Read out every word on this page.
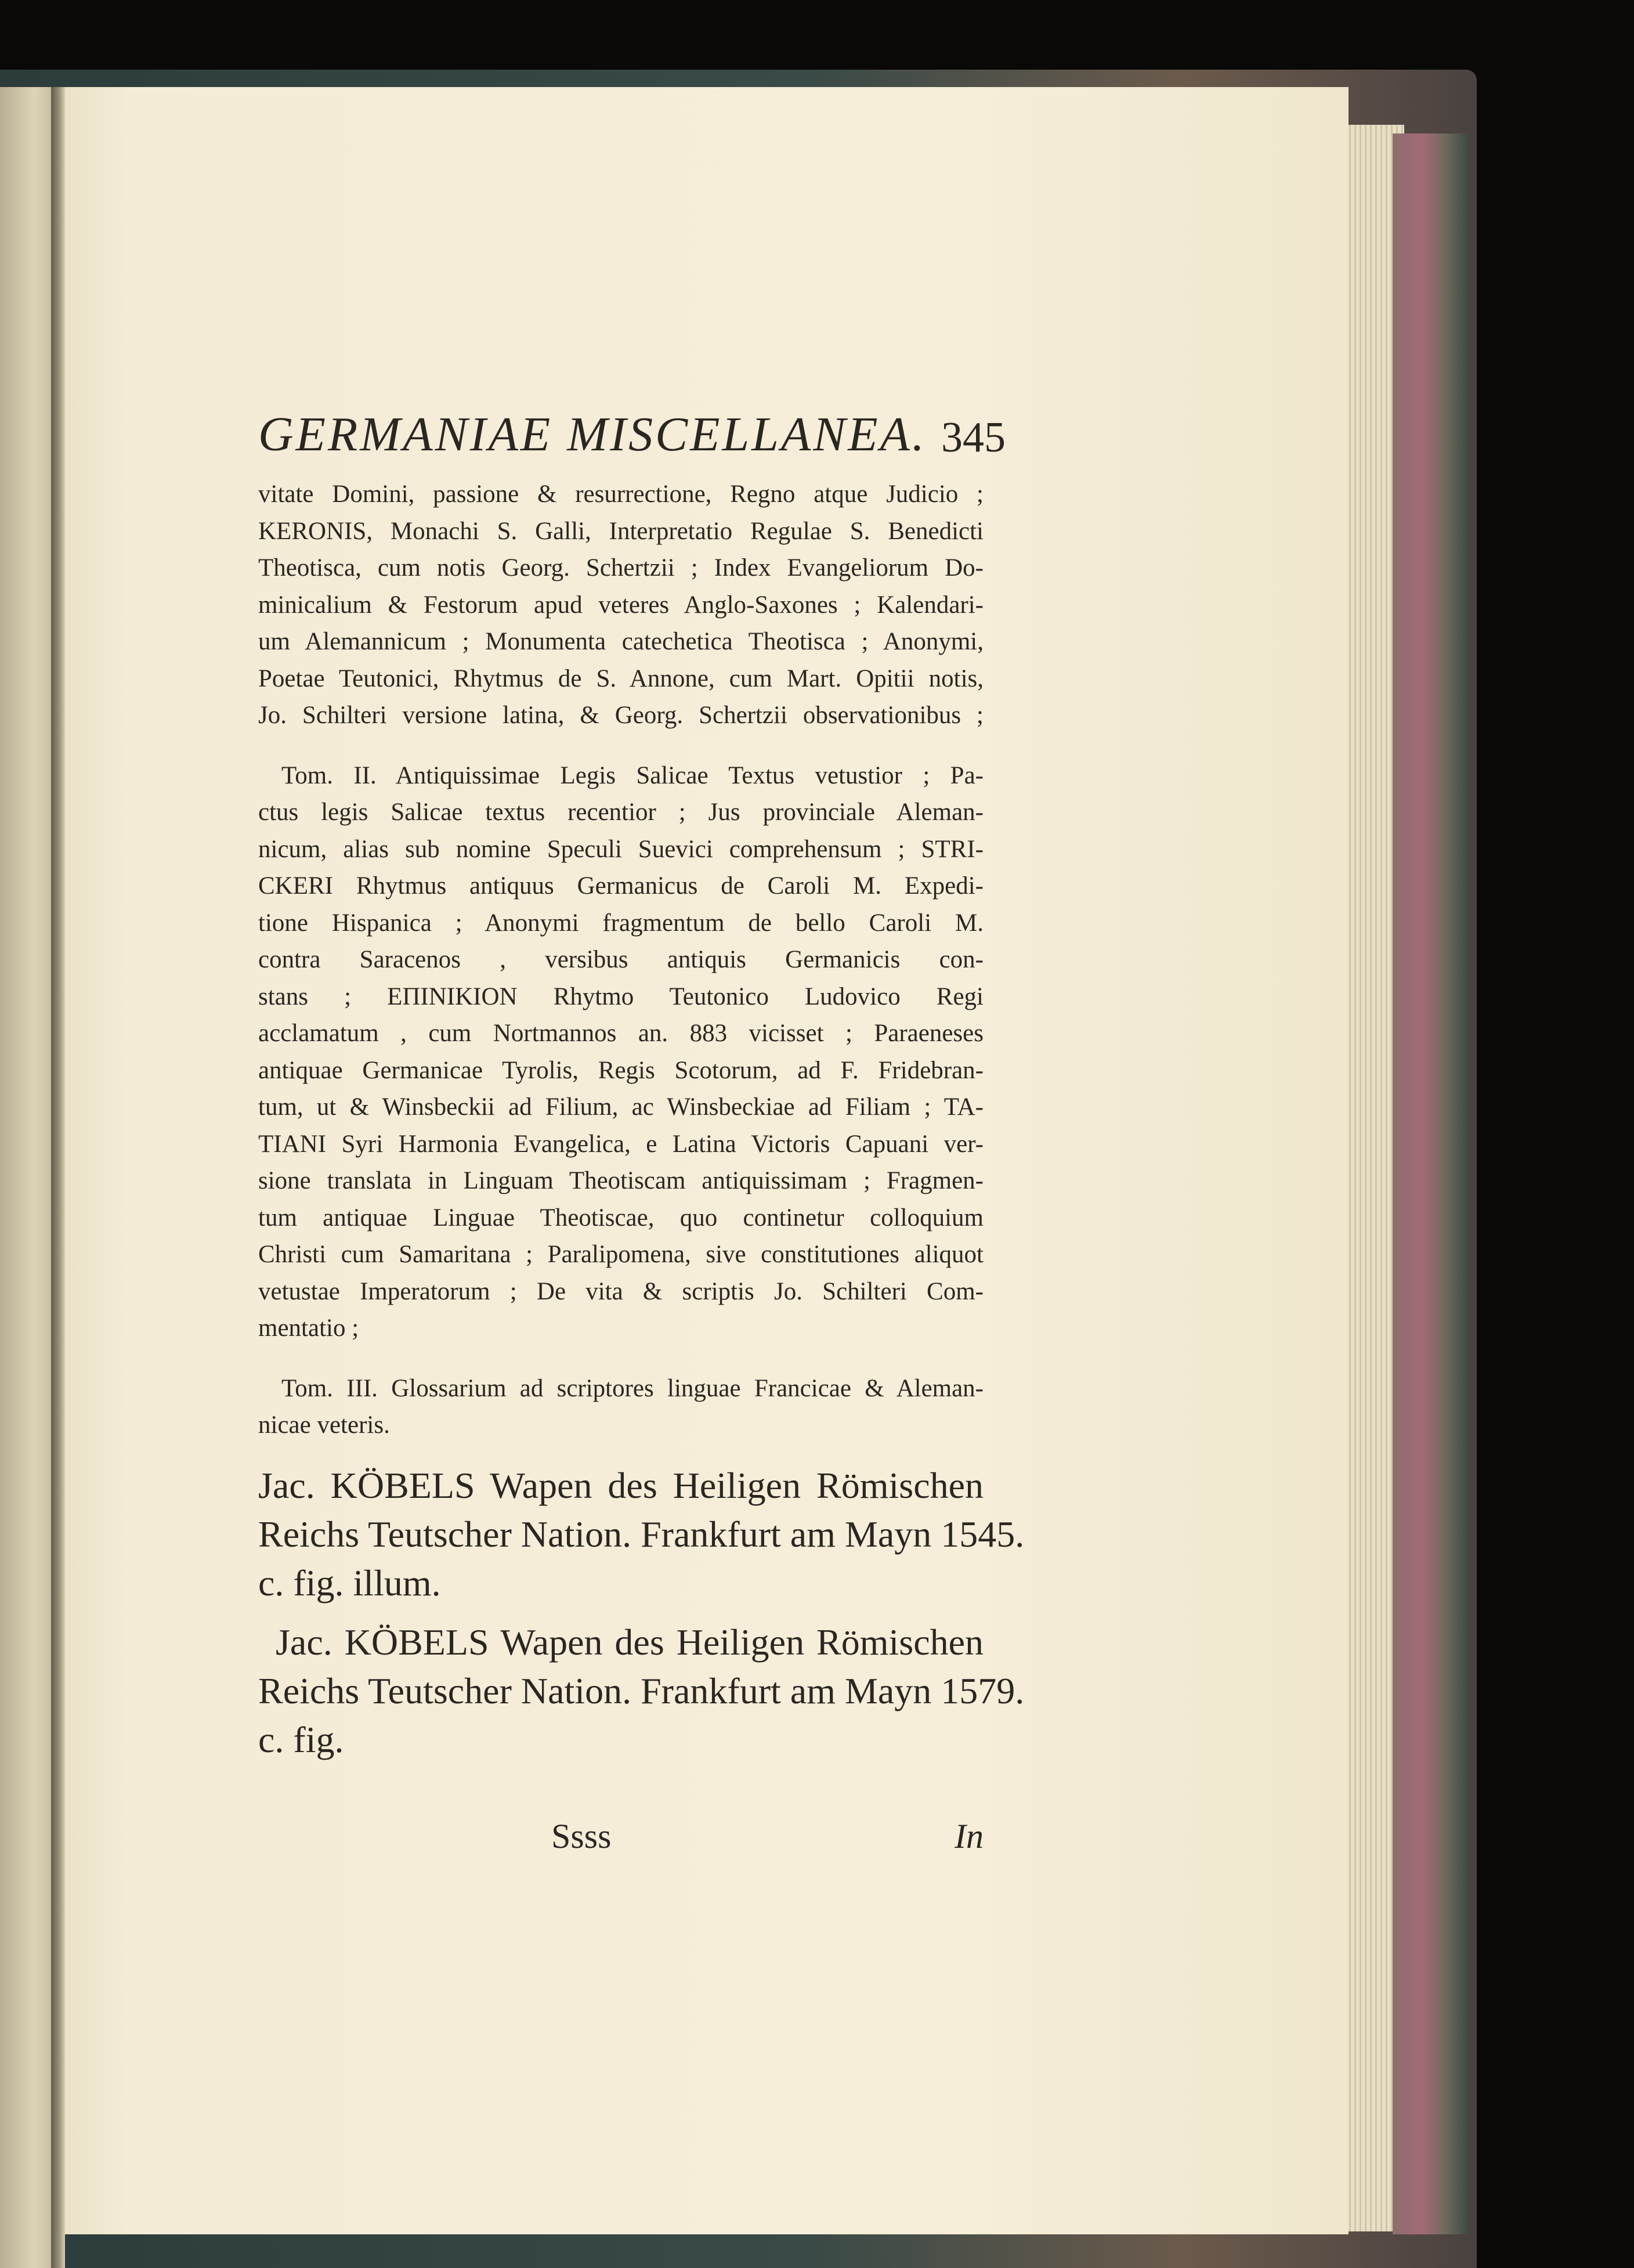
GERMANIAE MISCELLANEA. 345

vitate Domini, passione & resurrectione, Regno atque Judicio ;
KERONIS, Monachi S. Galli, Interpretatio Regulae S. Benedicti
Theotisca, cum notis Georg. Schertzii ; Index Evangeliorum Do-
minicalium & Festorum apud veteres Anglo-Saxones ; Kalendari-
um Alemannicum ; Monumenta catechetica Theotisca ; Anonymi,
Poetae Teutonici, Rhytmus de S. Annone, cum Mart. Opitii notis,
Jo. Schilteri versione latina, & Georg. Schertzii observationibus ;

Tom. II. Antiquissimae Legis Salicae Textus vetustior ; Pa-
ctus legis Salicae textus recentior ; Jus provinciale Aleman-
nicum, alias sub nomine Speculi Suevici comprehensum ; STRI-
CKERI Rhytmus antiquus Germanicus de Caroli M. Expedi-
tione Hispanica ; Anonymi fragmentum de bello Caroli M.
contra Saracenos , versibus antiquis Germanicis con-
stans ; ΕΠΙΝΙΚΙΟΝ Rhytmo Teutonico Ludovico Regi
acclamatum , cum Nortmannos an. 883 vicisset ; Paraeneses
antiquae Germanicae Tyrolis, Regis Scotorum, ad F. Fridebran-
tum, ut & Winsbeckii ad Filium, ac Winsbeckiae ad Filiam ; TA-
TIANI Syri Harmonia Evangelica, e Latina Victoris Capuani ver-
sione translata in Linguam Theotiscam antiquissimam ; Fragmen-
tum antiquae Linguae Theotiscae, quo continetur colloquium
Christi cum Samaritana ; Paralipomena, sive constitutiones aliquot
vetustae Imperatorum ; De vita & scriptis Jo. Schilteri Com-
mentatio ;

Tom. III. Glossarium ad scriptores linguae Francicae & Aleman-
nicae veteris.

Jac. KÖBELS Wapen des Heiligen Römischen
Reichs Teutscher Nation. Frankfurt am Mayn 1545.
c. fig. illum.

Jac. KÖBELS Wapen des Heiligen Römischen
Reichs Teutscher Nation. Frankfurt am Mayn 1579.
c. fig.

Ssss	In
